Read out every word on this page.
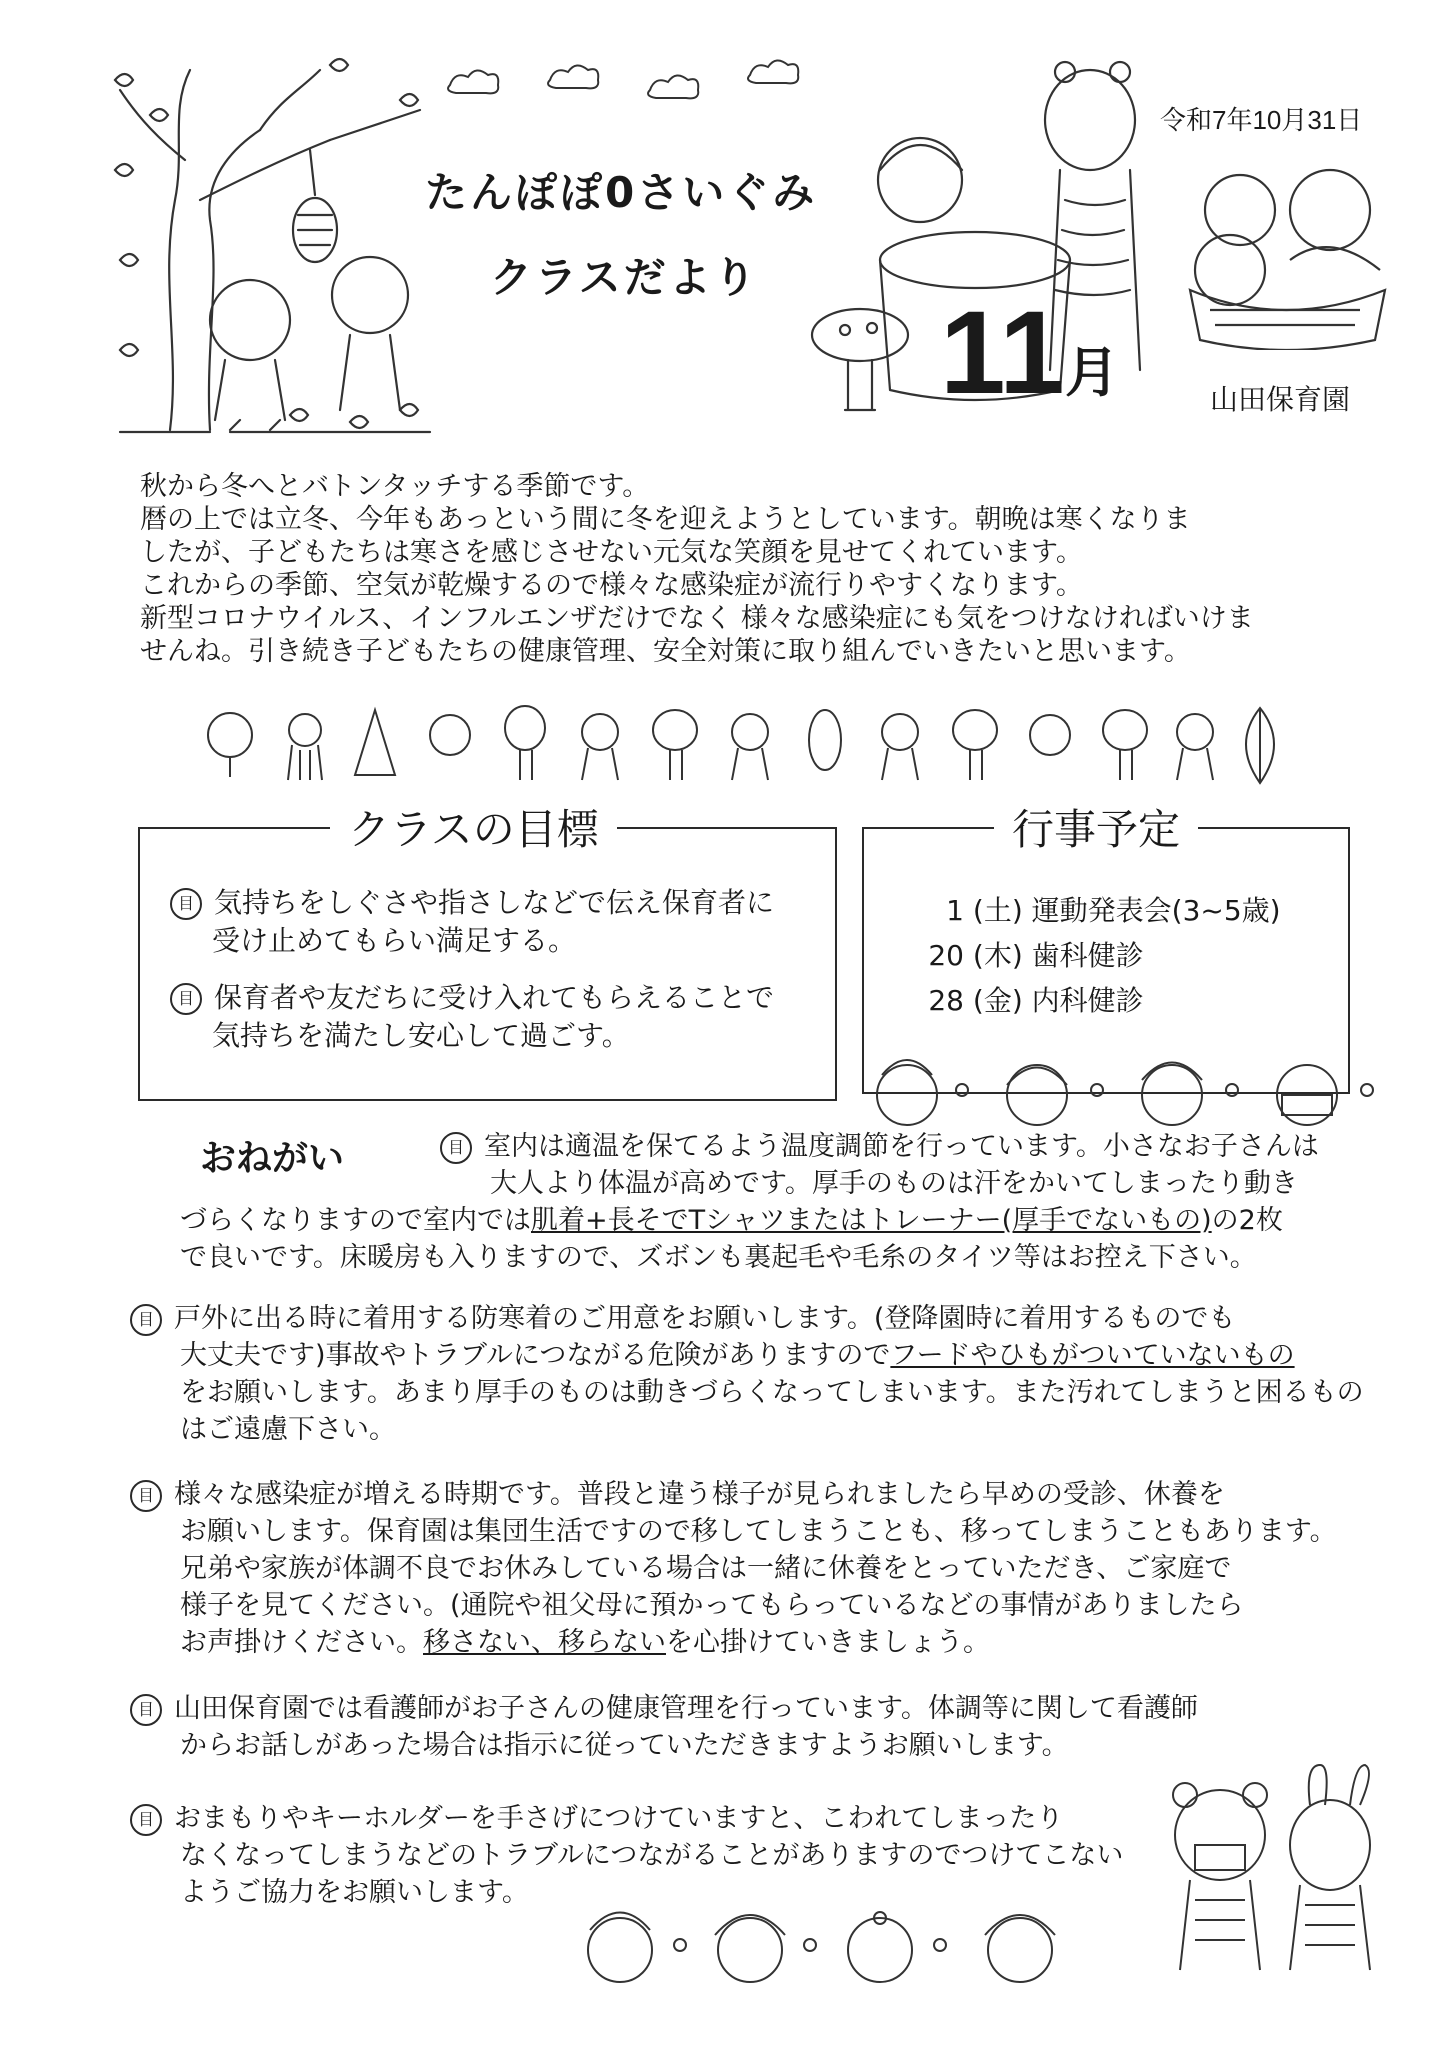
令和7年10月31日
たんぽぽ0さいぐみ
クラスだより
11 月	山田保育園
秋から冬へとバトンタッチする季節です。
暦の上では立冬、今年もあっという間に冬を迎えようとしています。朝晩は寒くなりま
したが、子どもたちは寒さを感じさせない元気な笑顔を見せてくれています。
これからの季節、空気が乾燥するので様々な感染症が流行りやすくなります。
新型コロナウイルス、インフルエンザだけでなく 様々な感染症にも気をつけなければいけま
せんね。引き続き子どもたちの健康管理、安全対策に取り組んでいきたいと思います。
クラスの目標
目 気持ちをしぐさや指さしなどで伝え保育者に
受け止めてもらい満足する。
目 保育者や友だちに受け入れてもらえることで
気持ちを満たし安心して過ごす。
行事予定
1 (土) 運動発表会(3~5歳)
20 (木) 歯科健診
28 (金) 内科健診
おねがい	目 室内は適温を保てるよう温度調節を行っています。小さなお子さんは
大人より体温が高めです。厚手のものは汗をかいてしまったり動き
づらくなりますので室内では肌着+長そでTシャツまたはトレーナー(厚手でないもの)の2枚
で良いです。床暖房も入りますので、ズボンも裏起毛や毛糸のタイツ等はお控え下さい。
目 戸外に出る時に着用する防寒着のご用意をお願いします。(登降園時に着用するものでも
大丈夫です)事故やトラブルにつながる危険がありますのでフードやひもがついていないもの
をお願いします。あまり厚手のものは動きづらくなってしまいます。また汚れてしまうと困るもの
はご遠慮下さい。
目 様々な感染症が増える時期です。普段と違う様子が見られましたら早めの受診、休養を
お願いします。保育園は集団生活ですので移してしまうことも、移ってしまうこともあります。
兄弟や家族が体調不良でお休みしている場合は一緒に休養をとっていただき、ご家庭で
様子を見てください。(通院や祖父母に預かってもらっているなどの事情がありましたら
お声掛けください。移さない、移らないを心掛けていきましょう。
目 山田保育園では看護師がお子さんの健康管理を行っています。体調等に関して看護師
からお話しがあった場合は指示に従っていただきますようお願いします。
目 おまもりやキーホルダーを手さげにつけていますと、こわれてしまったり
なくなってしまうなどのトラブルにつながることがありますのでつけてこない
ようご協力をお願いします。
